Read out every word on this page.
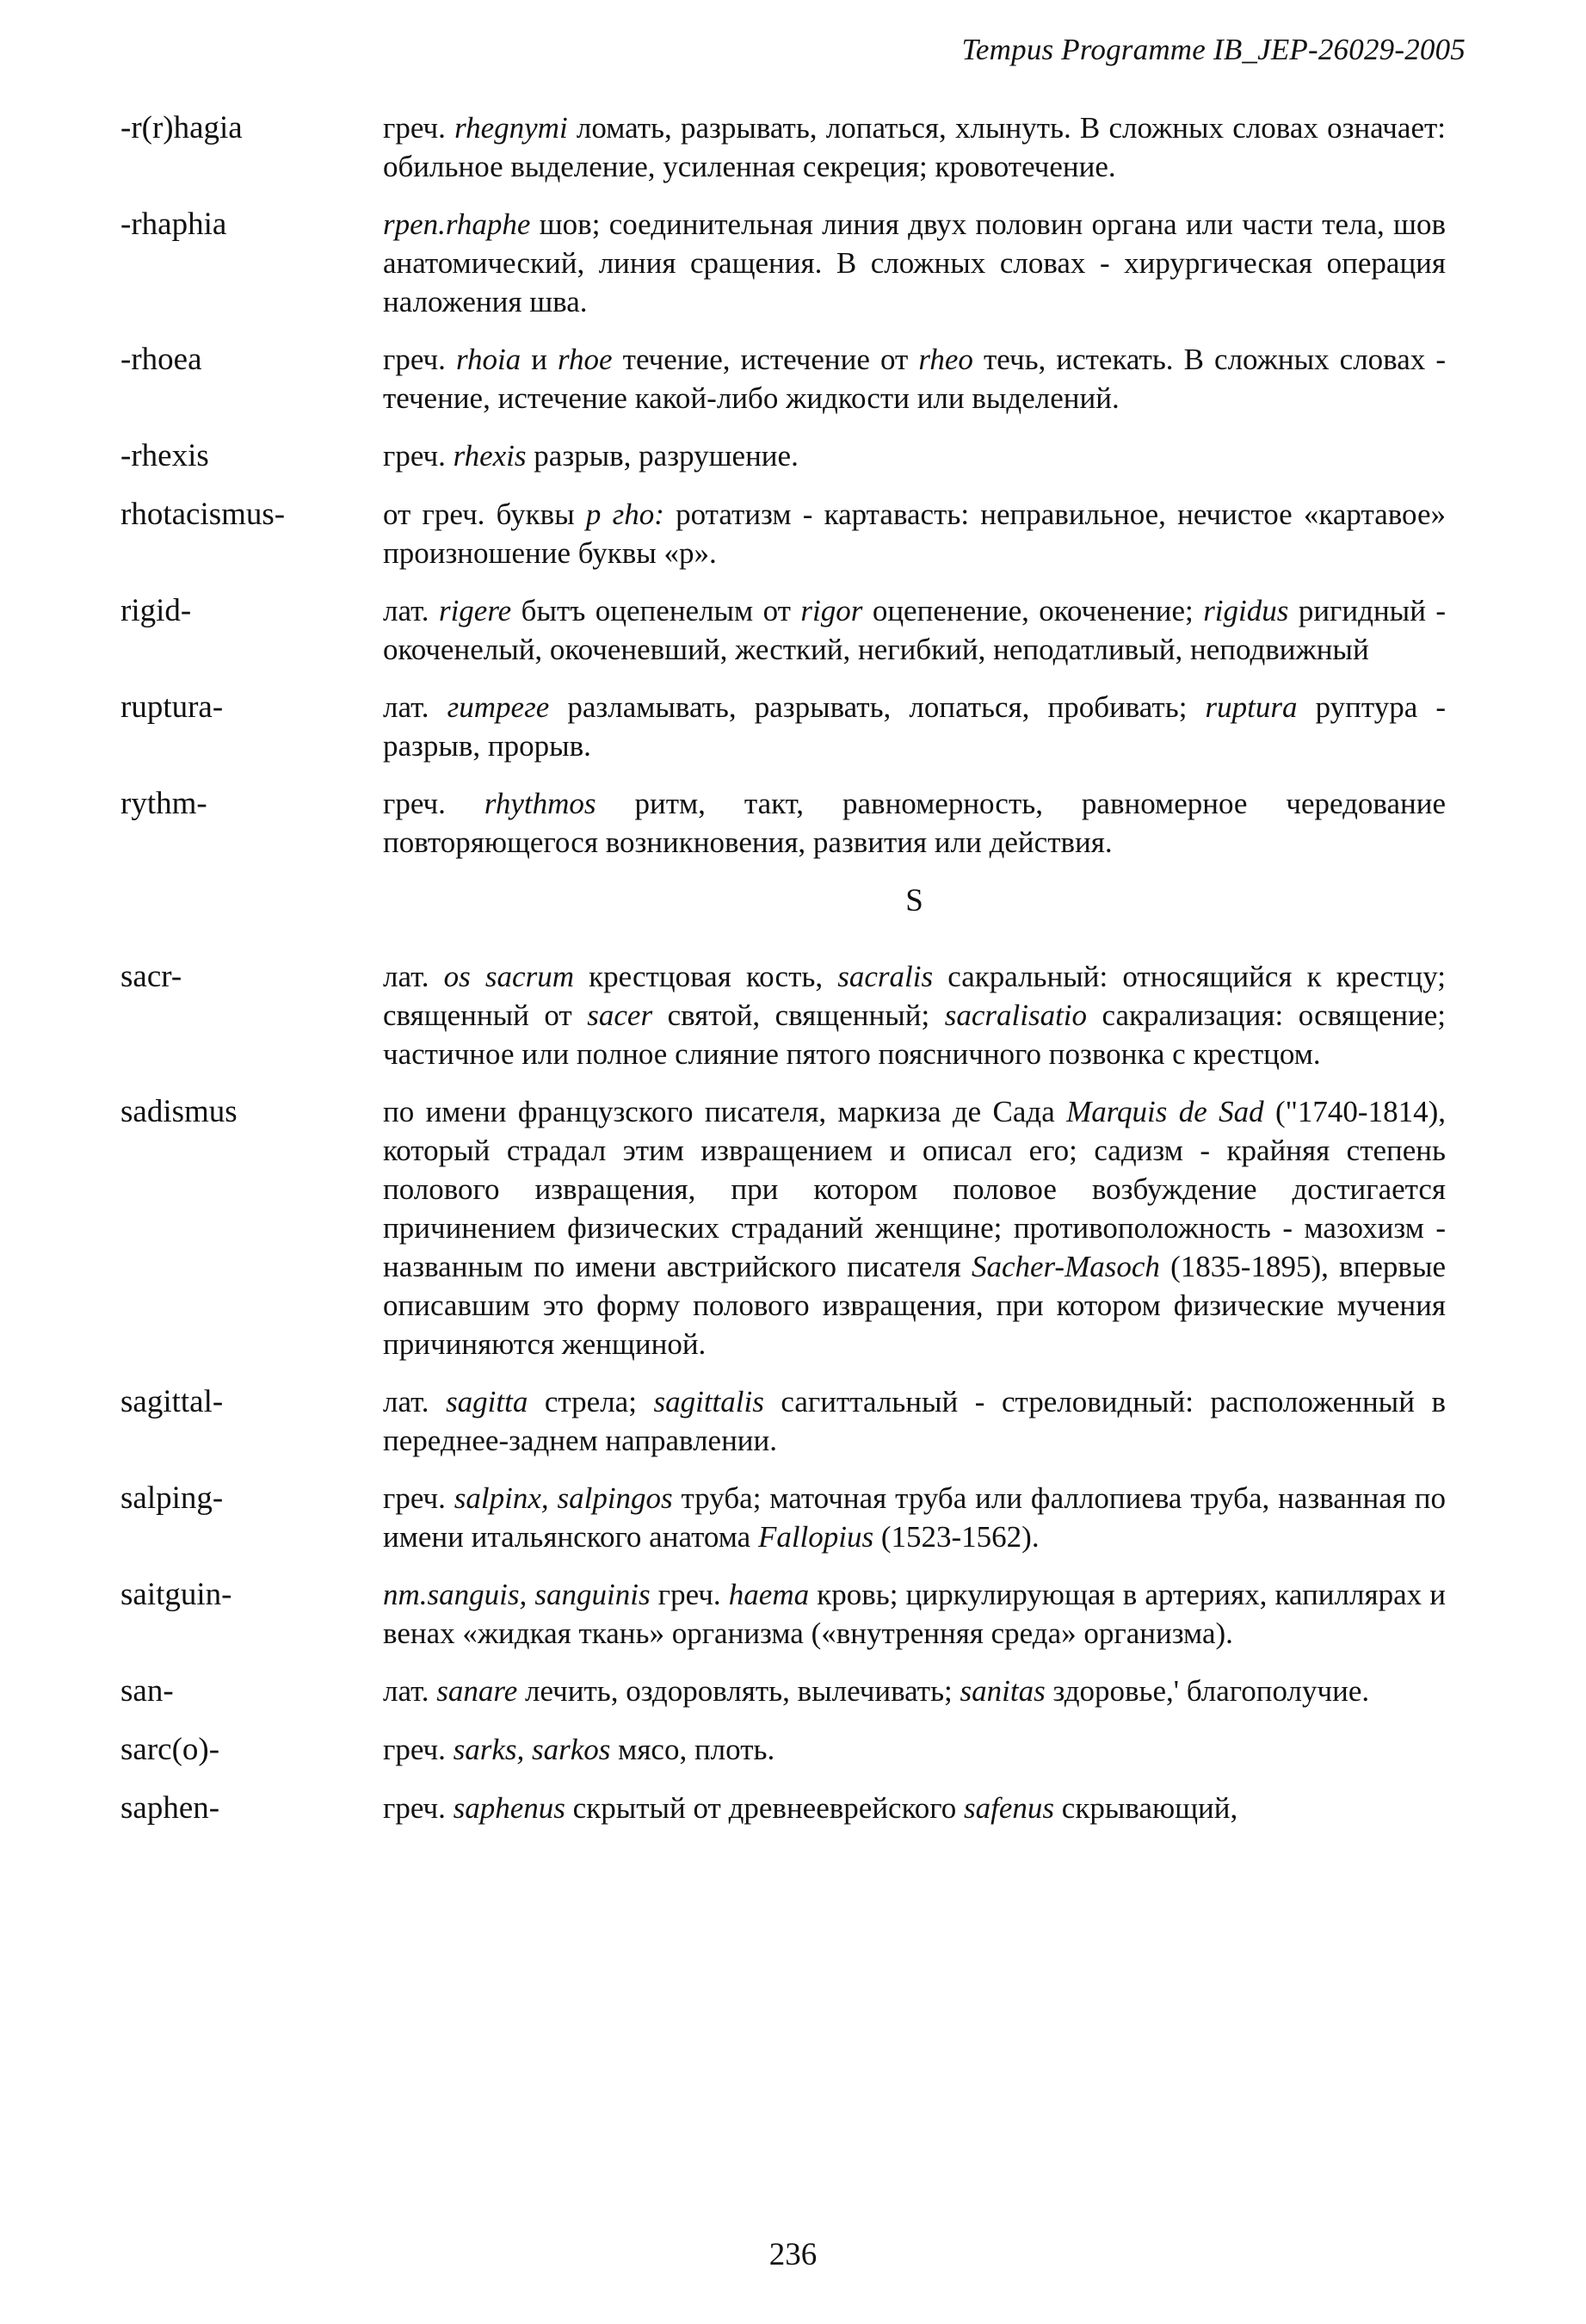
Tempus Programme IB_JEP-26029-2005
-r(r)hagia	греч. rhegnymi ломать, разрывать, лопаться, хлынуть. В сложных словах означает: обильное выделение, усиленная секреция; кровотечение.
-rhaphia	rpen.rhaphe шов; соединительная линия двух половин органа или части тела, шов анатомический, линия сращения. В сложных словах - хирургическая операция наложения шва.
-rhoea	греч. rhoia и rhoe течение, истечение от rheo течь, истекать. В сложных словах - течение, истечение какой-либо жидкости или выделений.
-rhexis	греч. rhexis разрыв, разрушение.
rhotacismus-	от греч. буквы р гhо: ротатизм - картавасть: неправильное, нечистое «картавое» произношение буквы «р».
rigid-	лат. rigere бытъ оцепенелым от rigor оцепенение, окоченение; rigidus ригидный - окоченелый, окоченевший, жесткий, негибкий, неподатливый, неподвижный
ruptura-	лат. гитреге разламывать, разрывать, лопаться, пробивать; ruptura руптура - разрыв, прорыв.
rythm-	греч. rhythmos ритм, такт, равномерность, равномерное чередование повторяющегося возникновения, развития или действия.
S
sacr-	лат. os sacrum крестцовая кость, sacralis сакральный: относящийся к крестцу; священный от sacer святой, священный; sacralisatio сакрализация: освящение; частичное или полное слияние пятого поясничного позвонка с крестцом.
sadismus	по имени французского писателя, маркиза де Сада Marquis de Sad ("1740-1814), который страдал этим извращением и описал его; садизм - крайняя степень полового извращения, при котором половое возбуждение достигается причинением физических страданий женщине; противоположность - мазохизм - названным по имени австрийского писателя Sacher-Masoch (1835-1895), впервые описавшим это форму полового извращения, при котором физические мучения причиняются женщиной.
sagittal-	лат. sagitta стрела; sagittalis сагиттальный - стреловидный: расположенный в переднее-заднем направлении.
salping-	греч. salpinx, salpingos труба; маточная труба или фаллопиева труба, названная по имени итальянского анатома Fallopius (1523-1562).
saitguin-	nm.sanguis, sanguinis греч. haema кровь; циркулирующая в артериях, капиллярах и венах «жидкая ткань» организма («внутренняя среда» организма).
san-	лат. sanare лечить, оздоровлять, вылечивать; sanitas здоровье,' благополучие.
sarc(o)-	греч. sarks, sarkos мясо, плоть.
saphen-	греч. saphenus скрытый от древнееврейского safenus скрывающий,
236
